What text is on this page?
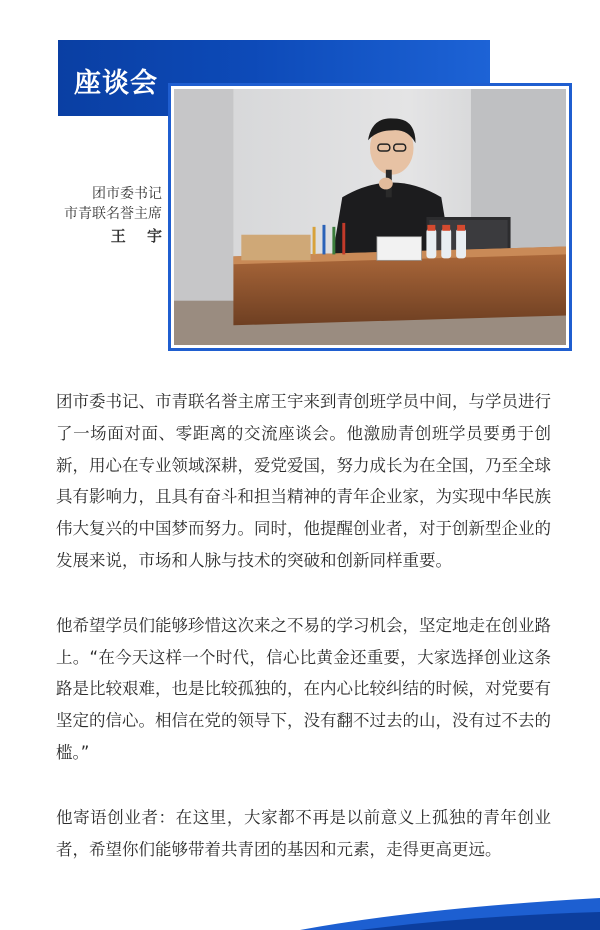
座谈会
团市委书记
市青联名誉主席
王 宇

团市委书记、市青联名誉主席王宇来到青创班学员中间，与学员进行了一场面对面、零距离的交流座谈会。他激励青创班学员要勇于创新，用心在专业领域深耕，爱党爱国，努力成长为在全国，乃至全球具有影响力，且具有奋斗和担当精神的青年企业家，为实现中华民族伟大复兴的中国梦而努力。同时，他提醒创业者，对于创新型企业的发展来说，市场和人脉与技术的突破和创新同样重要。

他希望学员们能够珍惜这次来之不易的学习机会，坚定地走在创业路上。“在今天这样一个时代，信心比黄金还重要，大家选择创业这条路是比较艰难，也是比较孤独的，在内心比较纠结的时候，对党要有坚定的信心。相信在党的领导下，没有翻不过去的山，没有过不去的槛。”

他寄语创业者：在这里，大家都不再是以前意义上孤独的青年创业者，希望你们能够带着共青团的基因和元素，走得更高更远。
